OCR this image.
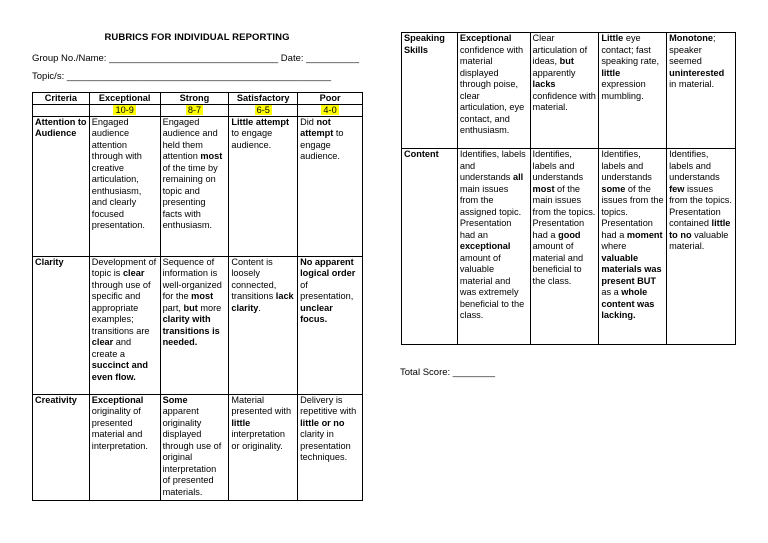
RUBRICS FOR INDIVIDUAL REPORTING
Group No./Name: ________________________________ Date: __________
Topic/s: __________________________________________________
Criteria	Exceptional	Strong	Satisfactory	Poor
	10-9	8-7	6-5	4-0
Attention to Audience	Engaged audience attention through with creative articulation, enthusiasm, and clearly focused presentation.	Engaged audience and held them attention most of the time by remaining on topic and presenting facts with enthusiasm.	Little attempt to engage audience.	Did not attempt to engage audience.
Clarity	Development of topic is clear through use of specific and appropriate examples; transitions are clear and create a succinct and even flow.	Sequence of information is well-organized for the most part, but more clarity with transitions is needed.	Content is loosely connected, transitions lack clarity.	No apparent logical order of presentation, unclear focus.
Creativity	Exceptional originality of presented material and interpretation.	Some apparent originality displayed through use of original interpretation of presented materials.	Material presented with little interpretation or originality.	Delivery is repetitive with little or no clarity in presentation techniques.
Speaking Skills	Exceptional confidence with material displayed through poise, clear articulation, eye contact, and enthusiasm.	Clear articulation of ideas, but apparently lacks confidence with material.	Little eye contact; fast speaking rate, little expression mumbling.	Monotone; speaker seemed uninterested in material.
Content	Identifies, labels and understands all main issues from the assigned topic. Presentation had an exceptional amount of valuable material and was extremely beneficial to the class.	Identifies, labels and understands most of the main issues from the topics. Presentation had a good amount of material and beneficial to the class.	Identifies, labels and understands some of the issues from the topics. Presentation had a moment where valuable materials was present BUT as a whole content was lacking.	Identifies, labels and understands few issues from the topics. Presentation contained little to no valuable material.
Total Score: ________
